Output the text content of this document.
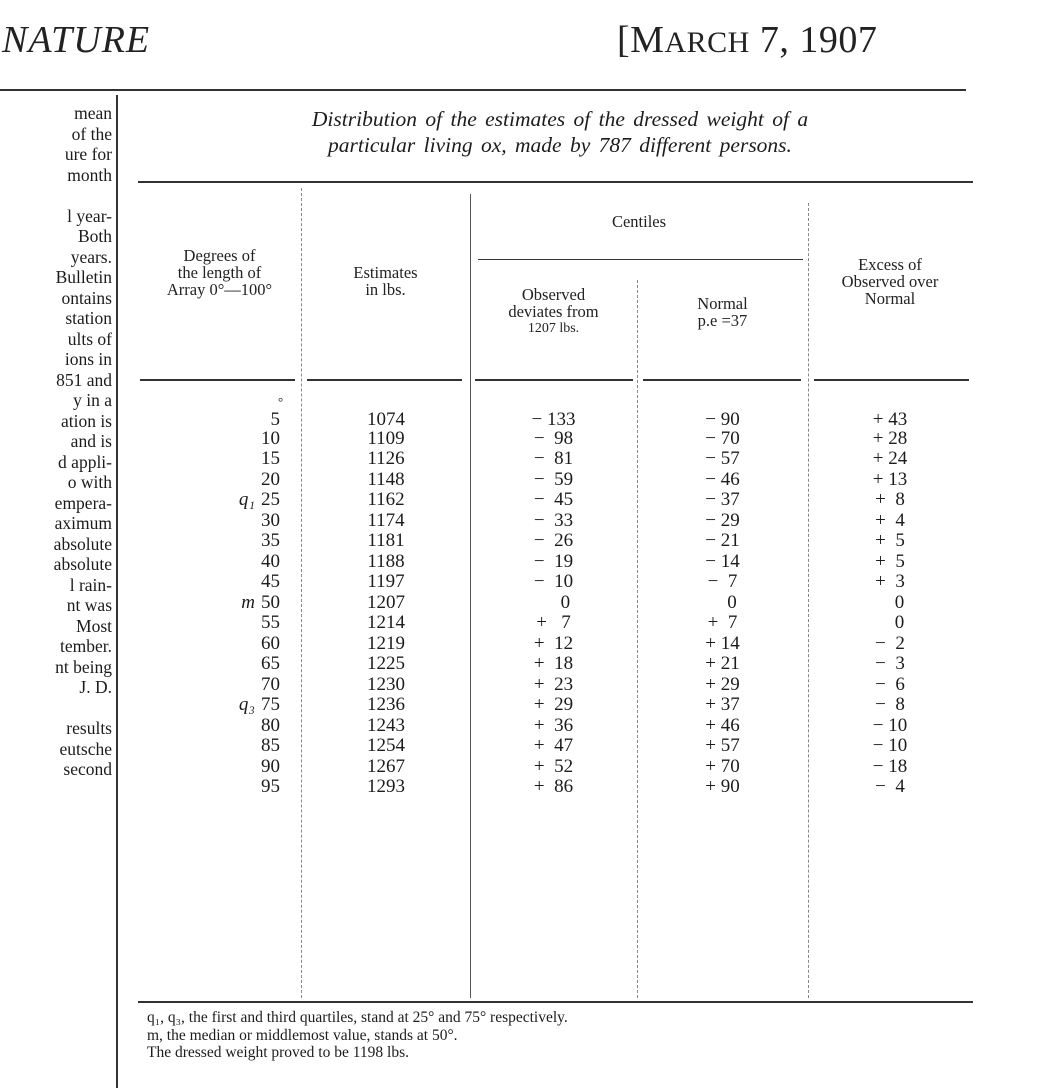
NATURE	[MARCH 7, 1907
mean
of the
ure for
month
l year-
Both
years.
Bulletin
ontains
station
ults of
ions in
851 and
y in a
ation is
and is
d appli-
o with
empera-
aximum
absolute
absolute
l rain-
nt was
Most
tember.
nt being
J. D.
results
eutsche
second
Distribution of the estimates of the dressed weight of a
particular living ox, made by 787 different persons.
Degrees of
the length of
Array 0°—100°
Estimates
in lbs.
Centiles
Observed
deviates from
1207 lbs.
Normal
p.e =37
Excess of
Observed over
Normal
°
5	1074	− 133	− 90	+ 43
10	1109	−  98	− 70	+ 28
15	1126	−  81	− 57	+ 24
20	1148	−  59	− 46	+ 13
q₁ 25	1162	−  45	− 37	+  8
30	1174	−  33	− 29	+  4
35	1181	−  26	− 21	+  5
40	1188	−  19	− 14	+  5
45	1197	−  10	−  7	+  3
m 50	1207	0	0	0
55	1214	+   7	+  7	0
60	1219	+  12	+ 14	−  2
65	1225	+  18	+ 21	−  3
70	1230	+  23	+ 29	−  6
q₃ 75	1236	+  29	+ 37	−  8
80	1243	+  36	+ 46	− 10
85	1254	+  47	+ 57	− 10
90	1267	+  52	+ 70	− 18
95	1293	+  86	+ 90	−  4
q₁, q₃, the first and third quartiles, stand at 25° and 75° respectively.
m, the median or middlemost value, stands at 50°.
The dressed weight proved to be 1198 lbs.
